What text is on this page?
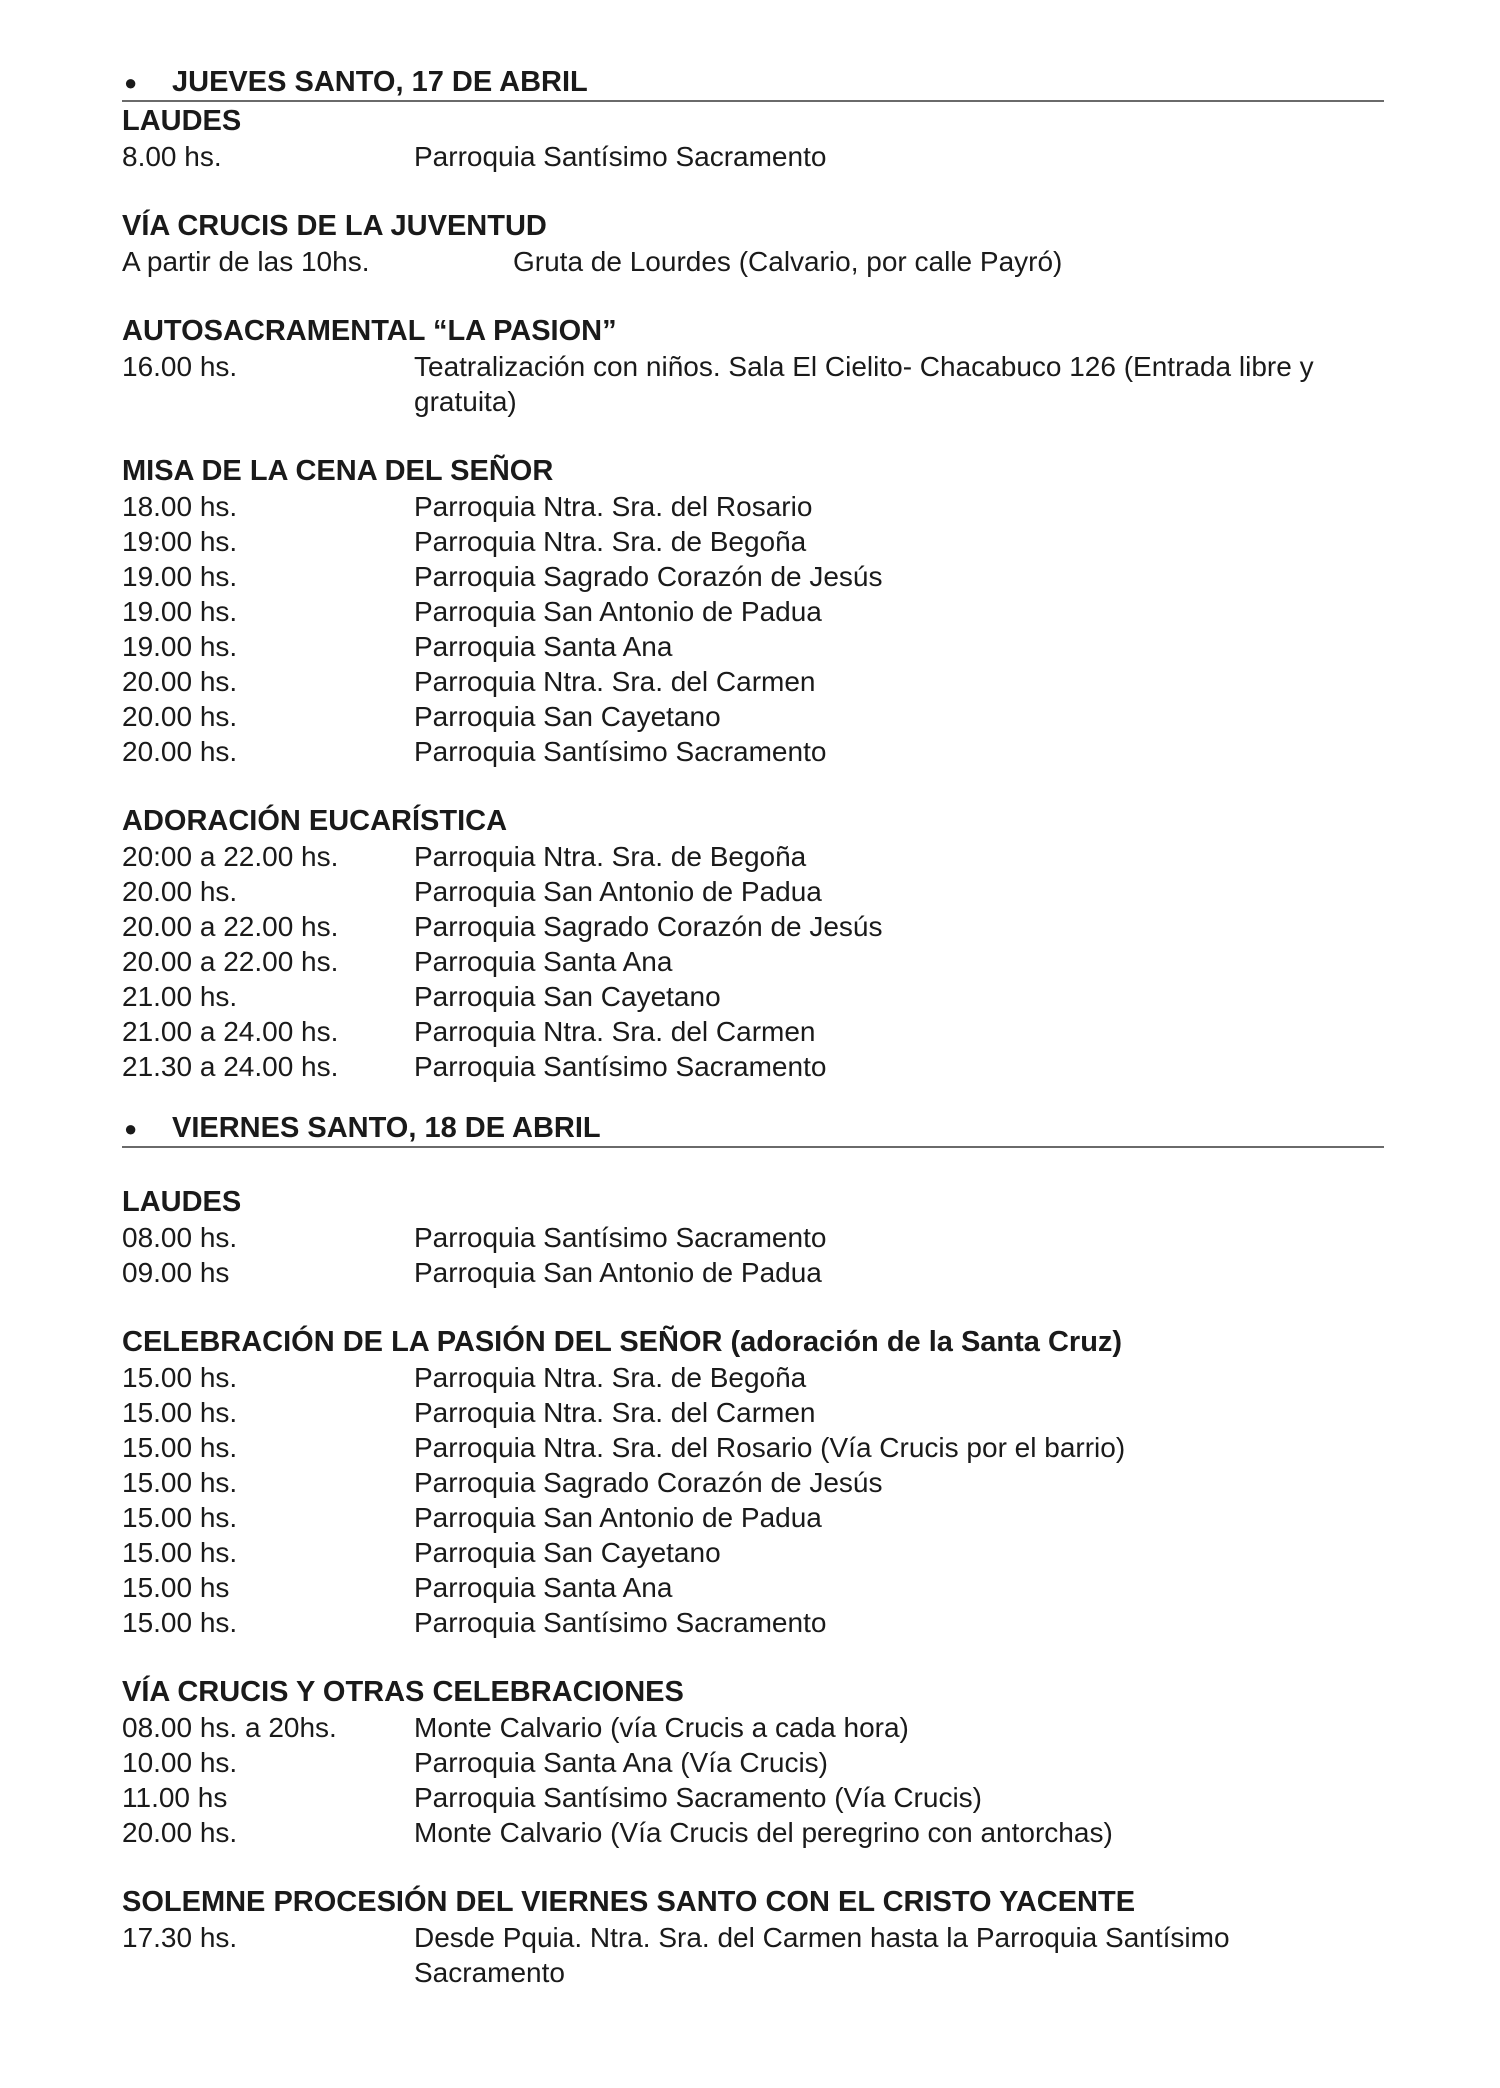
● JUEVES SANTO, 17 DE ABRIL
LAUDES
8.00 hs.	Parroquia Santísimo Sacramento
VÍA CRUCIS DE LA JUVENTUD
A partir de las 10hs.	Gruta de Lourdes (Calvario, por calle Payró)
AUTOSACRAMENTAL “LA PASION”
16.00 hs.	Teatralización con niños. Sala El Cielito- Chacabuco 126 (Entrada libre y gratuita)
MISA DE LA CENA DEL SEÑOR
18.00 hs.	Parroquia Ntra. Sra. del Rosario
19:00 hs.	Parroquia Ntra. Sra. de Begoña
19.00 hs.	Parroquia Sagrado Corazón de Jesús
19.00 hs.	Parroquia San Antonio de Padua
19.00 hs.	Parroquia Santa Ana
20.00 hs.	Parroquia Ntra. Sra. del Carmen
20.00 hs.	Parroquia San Cayetano
20.00 hs.	Parroquia Santísimo Sacramento
ADORACIÓN EUCARÍSTICA
20:00 a 22.00 hs.	Parroquia Ntra. Sra. de Begoña
20.00 hs.	Parroquia San Antonio de Padua
20.00 a 22.00 hs.	Parroquia Sagrado Corazón de Jesús
20.00 a 22.00 hs.	Parroquia Santa Ana
21.00 hs.	Parroquia San Cayetano
21.00 a 24.00 hs.	Parroquia Ntra. Sra. del Carmen
21.30 a 24.00 hs.	Parroquia Santísimo Sacramento
● VIERNES SANTO, 18 DE ABRIL
LAUDES
08.00 hs.	Parroquia Santísimo Sacramento
09.00 hs	Parroquia San Antonio de Padua
CELEBRACIÓN DE LA PASIÓN DEL SEÑOR (adoración de la Santa Cruz)
15.00 hs.	Parroquia Ntra. Sra. de Begoña
15.00 hs.	Parroquia Ntra. Sra. del Carmen
15.00 hs.	Parroquia Ntra. Sra. del Rosario (Vía Crucis por el barrio)
15.00 hs.	Parroquia Sagrado Corazón de Jesús
15.00 hs.	Parroquia San Antonio de Padua
15.00 hs.	Parroquia San Cayetano
15.00 hs	Parroquia Santa Ana
15.00 hs.	Parroquia Santísimo Sacramento
VÍA CRUCIS Y OTRAS CELEBRACIONES
08.00 hs. a 20hs.	Monte Calvario (vía Crucis a cada hora)
10.00 hs.	Parroquia Santa Ana (Vía Crucis)
11.00 hs	Parroquia Santísimo Sacramento (Vía Crucis)
20.00 hs.	Monte Calvario (Vía Crucis del peregrino con antorchas)
SOLEMNE PROCESIÓN DEL VIERNES SANTO CON EL CRISTO YACENTE
17.30 hs.	Desde Pquia. Ntra. Sra. del Carmen hasta la Parroquia Santísimo Sacramento
